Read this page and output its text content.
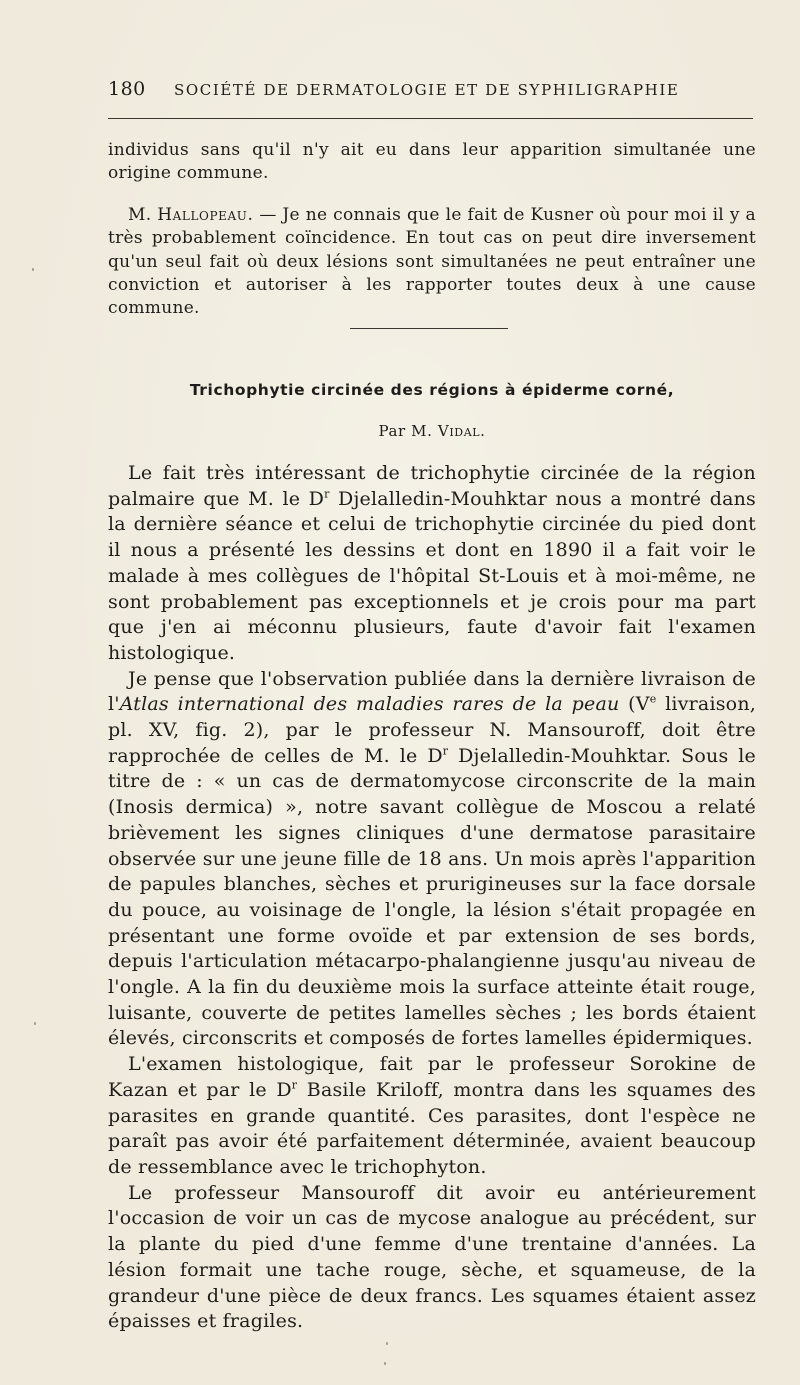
180 SOCIÉTÉ DE DERMATOLOGIE ET DE SYPHILIGRAPHIE

individus sans qu'il n'y ait eu dans leur apparition simultanée une origine commune.

M. Hallopeau. — Je ne connais que le fait de Kusner où pour moi il y a très probablement coïncidence. En tout cas on peut dire inversement qu'un seul fait où deux lésions sont simultanées ne peut entraîner une conviction et autoriser à les rapporter toutes deux à une cause commune.

Trichophytie circinée des régions à épiderme corné,
Par M. Vidal.

Le fait très intéressant de trichophytie circinée de la région palmaire que M. le $D^r$ Djelalledin-Mouhktar nous a montré dans la dernière séance et celui de trichophytie circinée du pied dont il nous a présenté les dessins et dont en 1890 il a fait voir le malade à mes collègues de l'hôpital St-Louis et à moi-même, ne sont probablement pas exceptionnels et je crois pour ma part que j'en ai méconnu plusieurs, faute d'avoir fait l'examen histologique.

Je pense que l'observation publiée dans la dernière livraison de l'Atlas international des maladies rares de la peau (Ve livraison, pl. XV, fig. 2), par le professeur N. Mansouroff, doit être rapprochée de celles de M. le $D^r$ Djelalledin-Mouhktar. Sous le titre de : « un cas de dermatomycose circonscrite de la main (Inosis dermica) », notre savant collègue de Moscou a relaté brièvement les signes cliniques d'une dermatose parasitaire observée sur une jeune fille de 18 ans. Un mois après l'apparition de papules blanches, sèches et prurigineuses sur la face dorsale du pouce, au voisinage de l'ongle, la lésion s'était propagée en présentant une forme ovoïde et par extension de ses bords, depuis l'articulation métacarpo-phalangienne jusqu'au niveau de l'ongle. A la fin du deuxième mois la surface atteinte était rouge, luisante, couverte de petites lamelles sèches ; les bords étaient élevés, circonscrits et composés de fortes lamelles épidermiques.

L'examen histologique, fait par le professeur Sorokine de Kazan et par le $D^r$ Basile Kriloff, montra dans les squames des parasites en grande quantité. Ces parasites, dont l'espèce ne paraît pas avoir été parfaitement déterminée, avaient beaucoup de ressemblance avec le trichophyton.

Le professeur Mansouroff dit avoir eu antérieurement l'occasion de voir un cas de mycose analogue au précédent, sur la plante du pied d'une femme d'une trentaine d'années. La lésion formait une tache rouge, sèche, et squameuse, de la grandeur d'une pièce de deux francs. Les squames étaient assez épaisses et fragiles.
